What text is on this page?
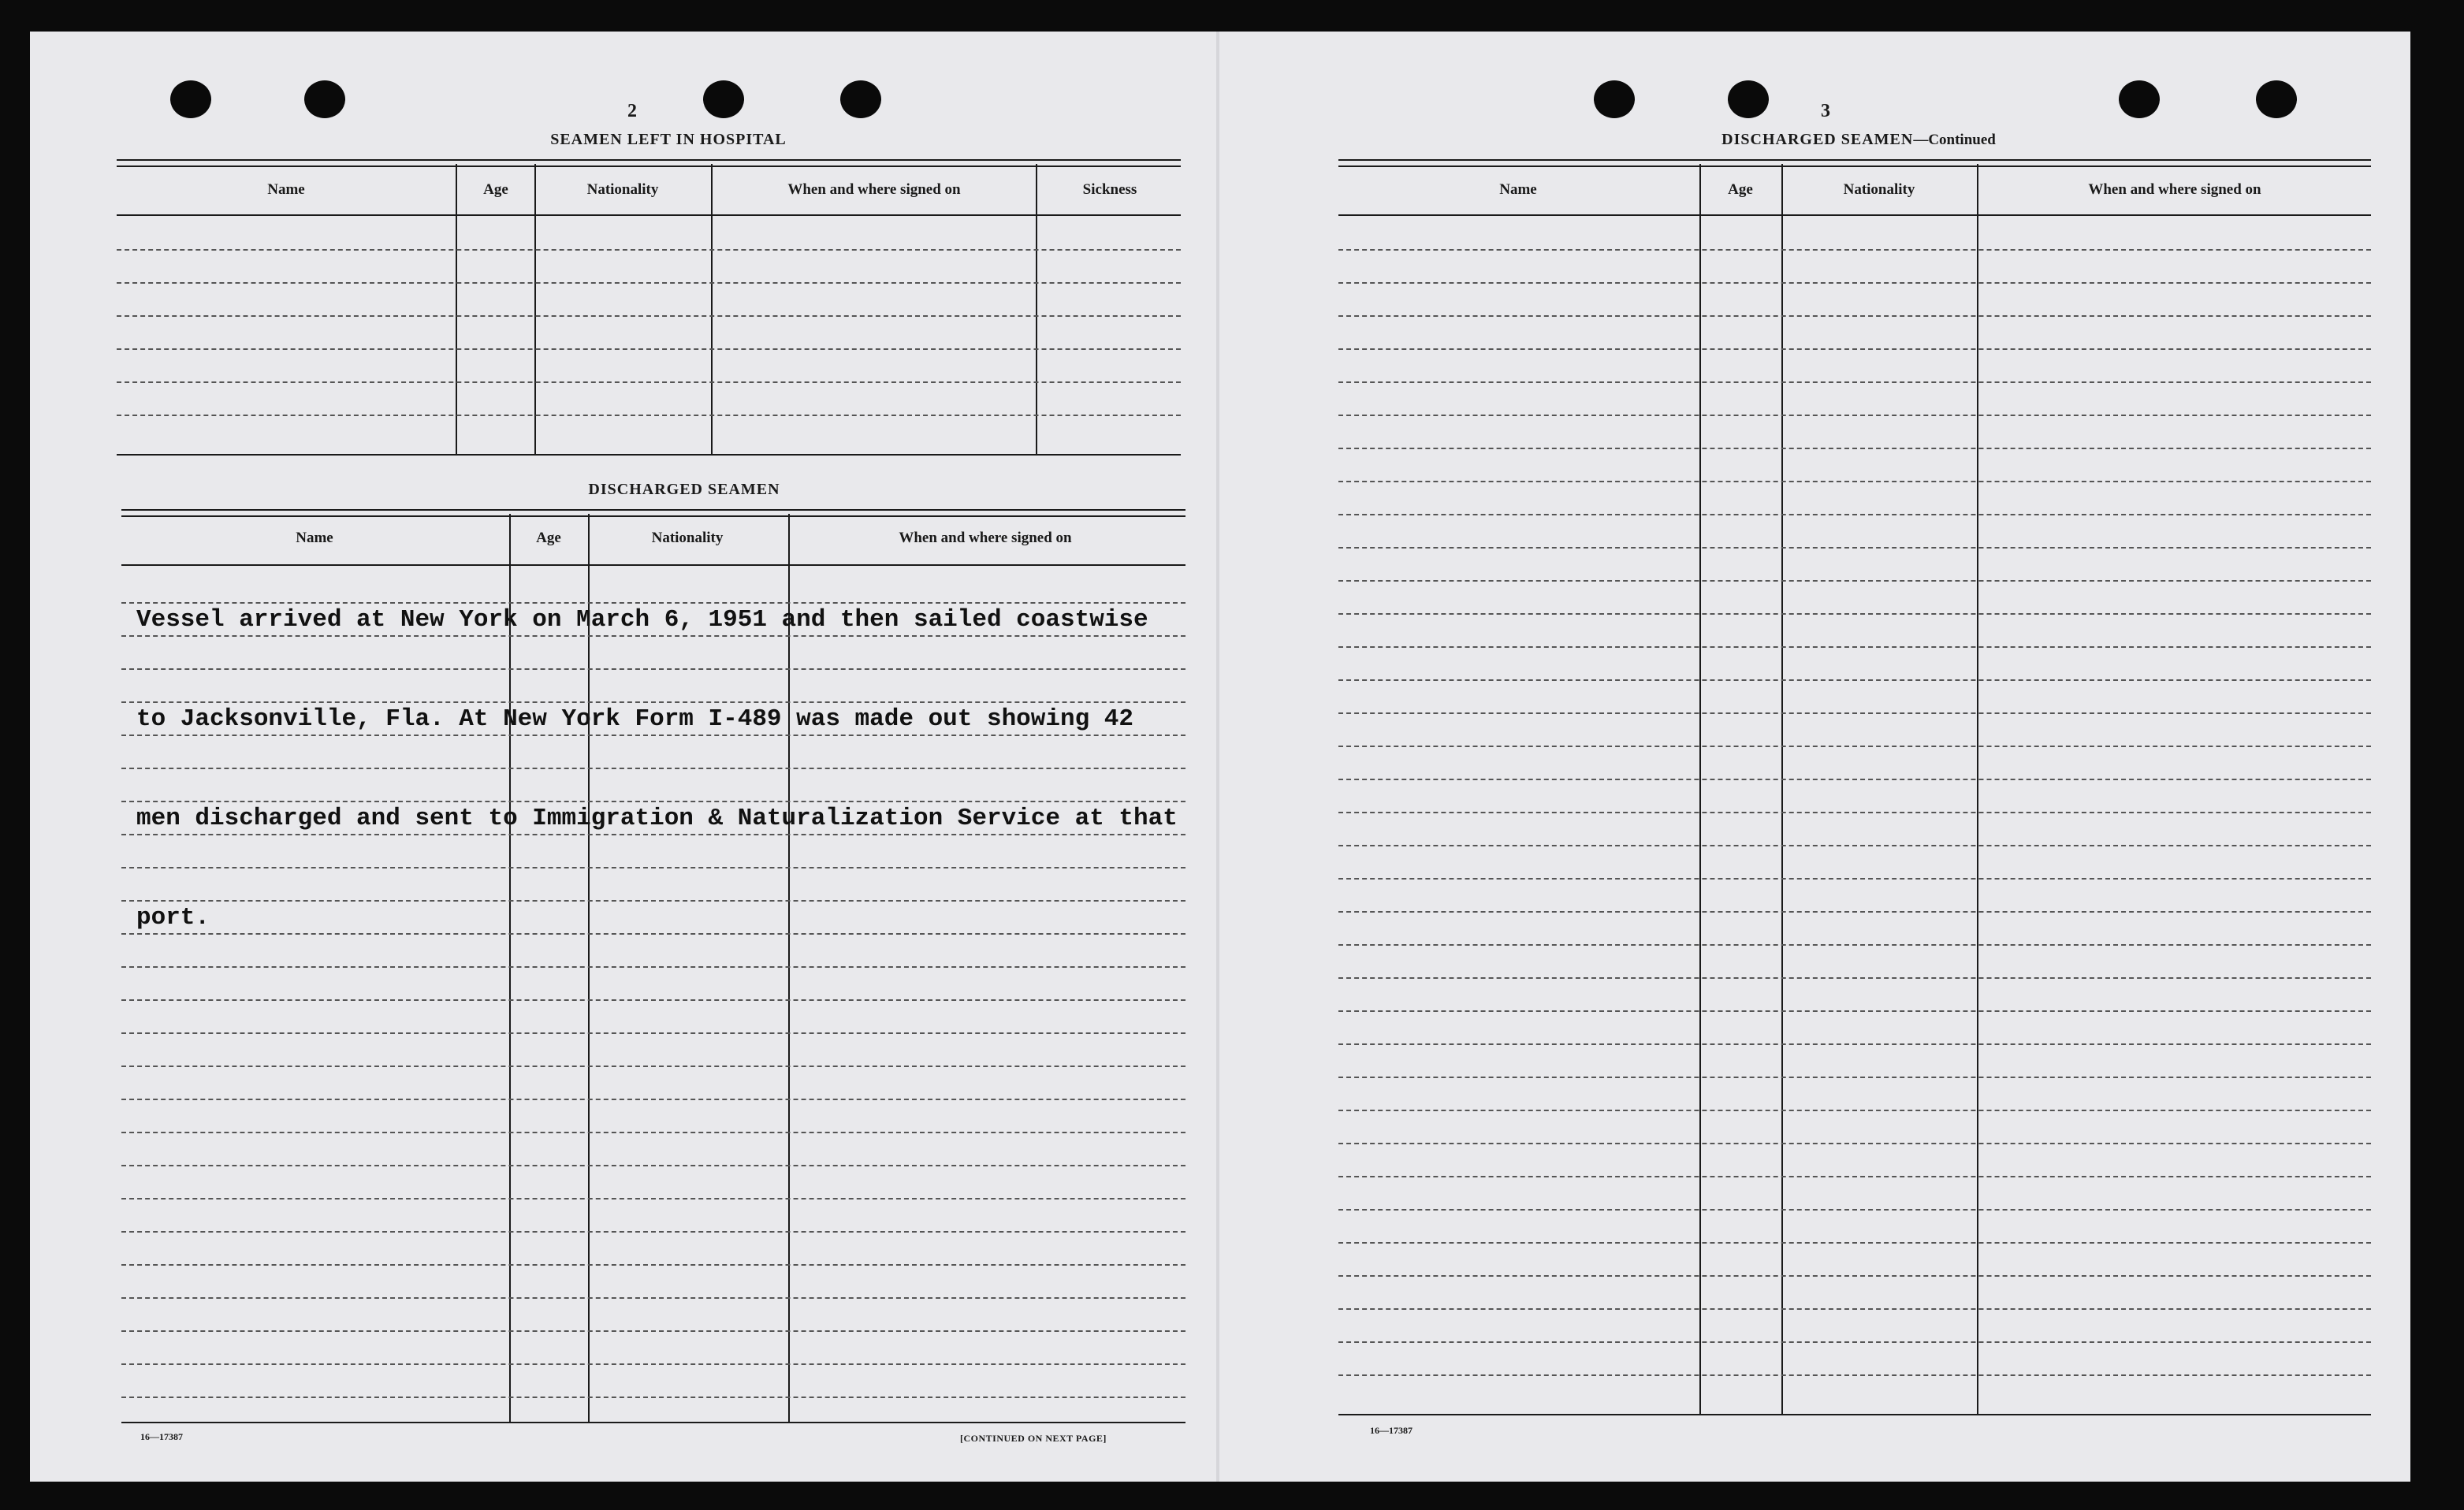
2
SEAMEN LEFT IN HOSPITAL
Name	Age	Nationality	When and where signed on	Sickness
DISCHARGED SEAMEN
Name	Age	Nationality	When and where signed on
16—17387	[CONTINUED ON NEXT PAGE]
3
DISCHARGED SEAMEN—Continued
Name	Age	Nationality	When and where signed on
16—17387

Vessel arrived at New York on March 6, 1951 and then sailed coastwise

to Jacksonville, Fla. At New York Form I-489 was made out showing 42

men discharged and sent to Immigration & Naturalization Service at that

port.
